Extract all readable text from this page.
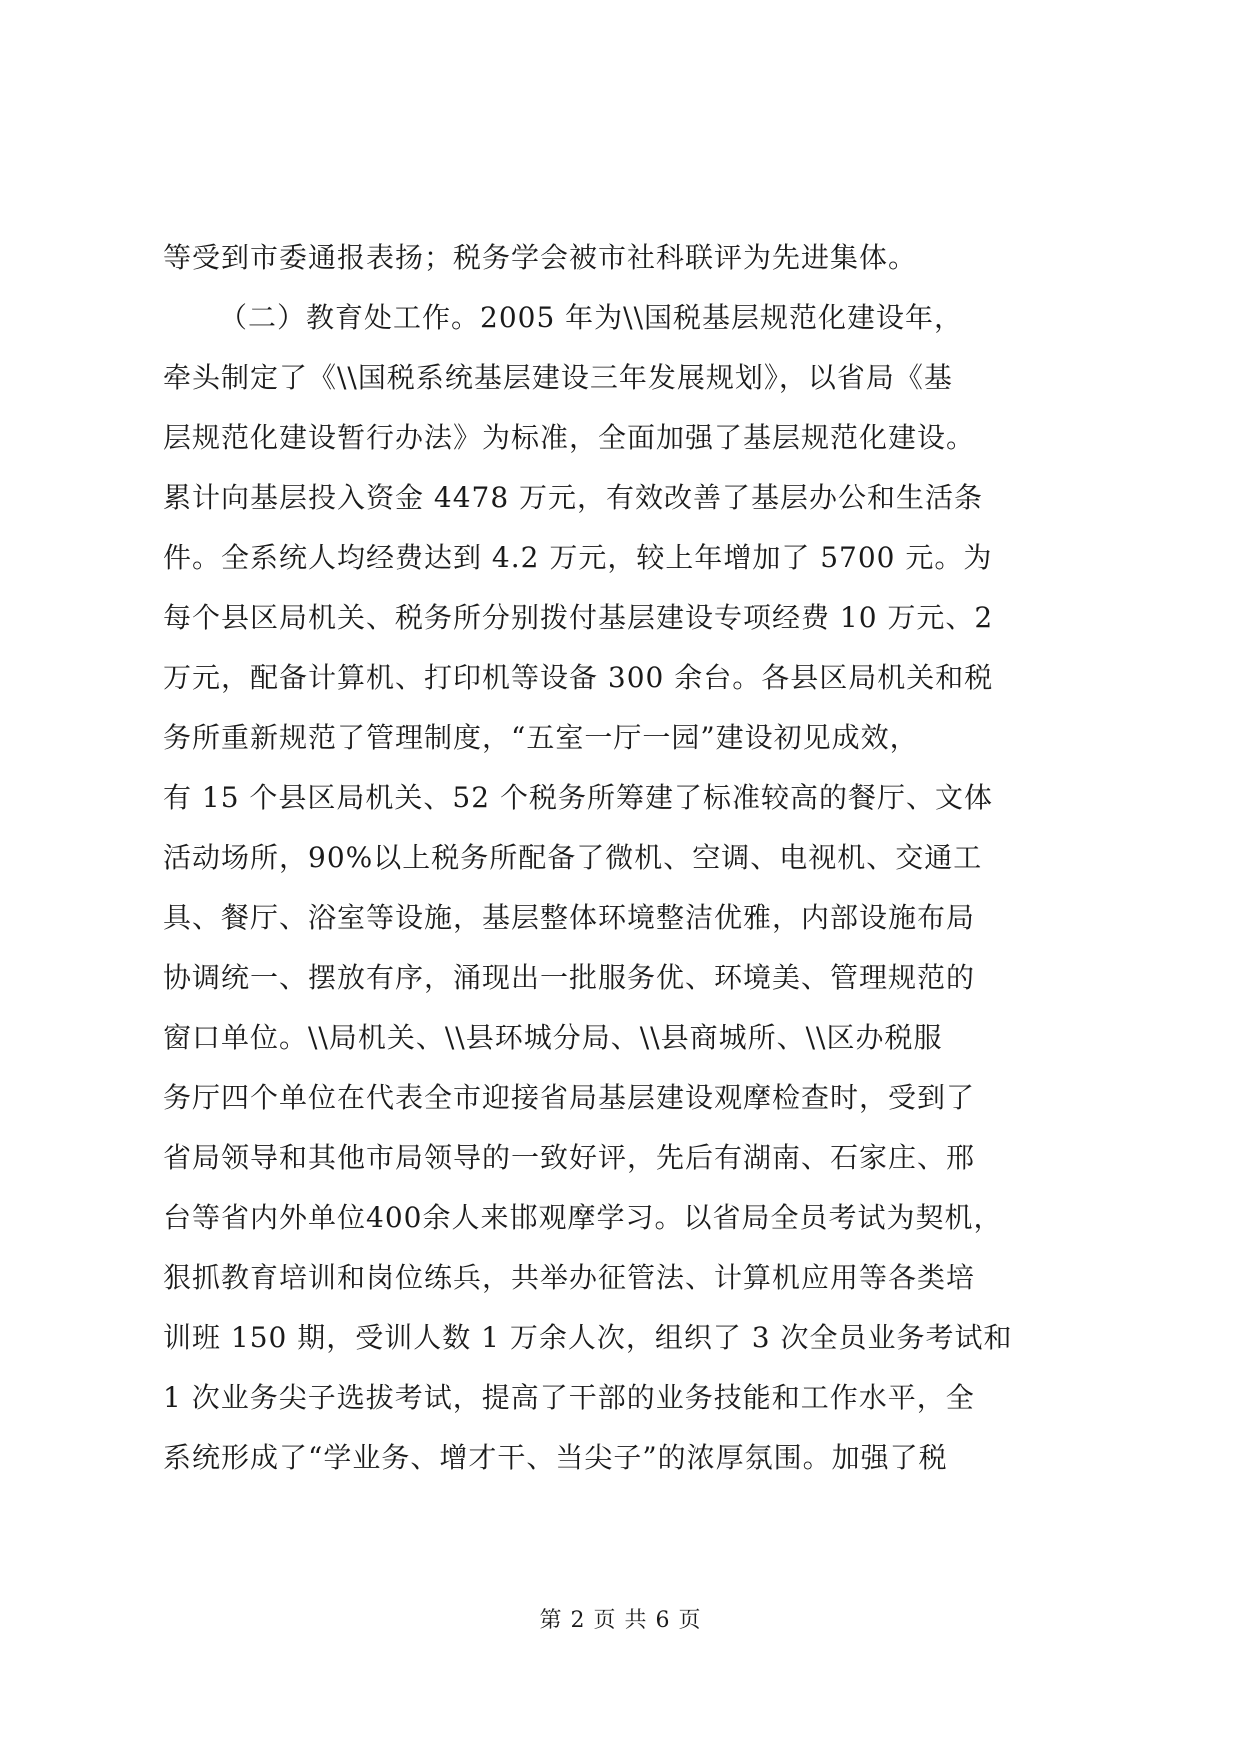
等受到市委通报表扬；税务学会被市社科联评为先进集体。
（二）教育处工作。2005 年为\\国税基层规范化建设年，
牵头制定了《\\国税系统基层建设三年发展规划》，以省局《基
层规范化建设暂行办法》为标准，全面加强了基层规范化建设。
累计向基层投入资金 4478 万元，有效改善了基层办公和生活条
件。全系统人均经费达到 4.2 万元，较上年增加了 5700 元。为
每个县区局机关、税务所分别拨付基层建设专项经费 10 万元、2
万元，配备计算机、打印机等设备 300 余台。各县区局机关和税
务所重新规范了管理制度，“五室一厅一园”建设初见成效，
有 15 个县区局机关、52 个税务所筹建了标准较高的餐厅、文体
活动场所，90%以上税务所配备了微机、空调、电视机、交通工
具、餐厅、浴室等设施，基层整体环境整洁优雅，内部设施布局
协调统一、摆放有序，涌现出一批服务优、环境美、管理规范的
窗口单位。\\局机关、\\县环城分局、\\县商城所、\\区办税服
务厅四个单位在代表全市迎接省局基层建设观摩检查时，受到了
省局领导和其他市局领导的一致好评，先后有湖南、石家庄、邢
台等省内外单位400余人来邯观摩学习。以省局全员考试为契机，
狠抓教育培训和岗位练兵，共举办征管法、计算机应用等各类培
训班 150 期，受训人数 1 万余人次，组织了 3 次全员业务考试和
1 次业务尖子选拔考试，提高了干部的业务技能和工作水平，全
系统形成了“学业务、增才干、当尖子”的浓厚氛围。加强了税
第 2 页 共 6 页
